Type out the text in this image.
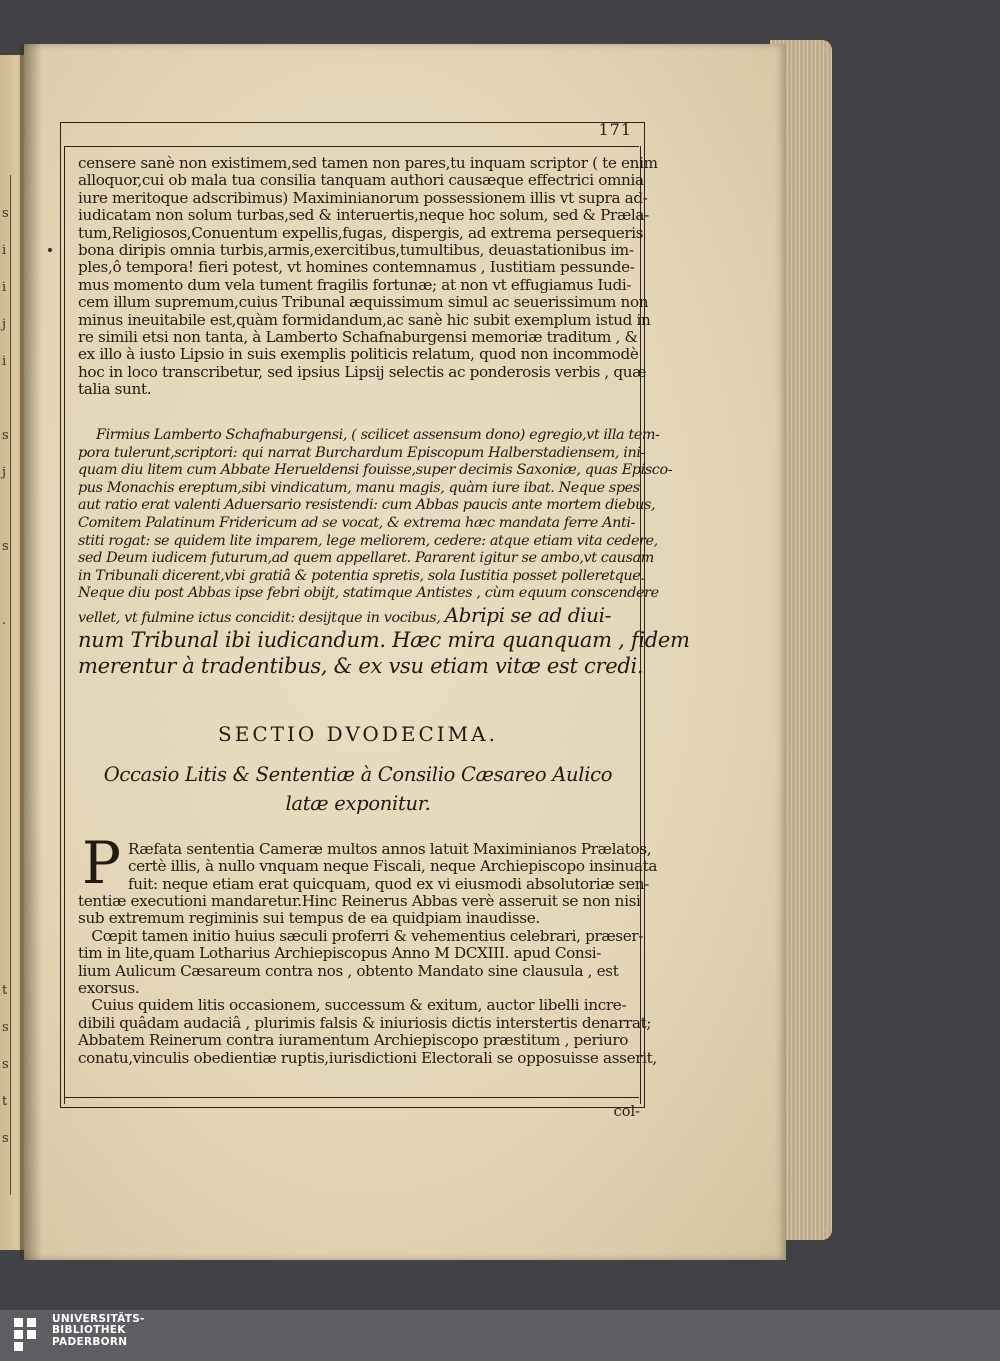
s
i
i
j
i

s
j

s

.

t
s
s
t
s
171
censere sanè non existimem,sed tamen non pares,tu inquam scriptor ( te enim
alloquor,cui ob mala tua consilia tanquam authori causæque effectrici omnia
iure meritoque adscribimus) Maximinianorum possessionem illis vt supra ad-
iudicatam non solum turbas,sed & interuertis,neque hoc solum, sed & Præla-
tum,Religiosos,Conuentum expellis,fugas, dispergis, ad extrema persequeris
bona diripis omnia turbis,armis,exercitibus,tumultibus, deuastationibus im-
ples,ô tempora! fieri potest, vt homines contemnamus , Iustitiam pessunde-
mus momento dum vela tument fragilis fortunæ; at non vt effugiamus Iudi-
cem illum supremum,cuius Tribunal æquissimum simul ac seuerissimum non
minus ineuitabile est,quàm formidandum,ac sanè hic subit exemplum istud in
re simili etsi non tanta, à Lamberto Schafnaburgensi memoriæ traditum , &
ex illo à iusto Lipsio in suis exemplis politicis relatum, quod non incommodè
hoc in loco transcribetur, sed ipsius Lipsij selectis ac ponderosis verbis , quæ
talia sunt.
Firmius Lamberto Schafnaburgensi, ( scilicet assensum dono) egregio,vt illa tem-
pora tulerunt,scriptori: qui narrat Burchardum Episcopum Halberstadiensem, ini-
quam diu litem cum Abbate Herueldensi fouisse,super decimis Saxoniæ, quas Episco-
pus Monachis ereptum,sibi vindicatum, manu magis, quàm iure ibat. Neque spes
aut ratio erat valenti Aduersario resistendi: cum Abbas paucis ante mortem diebus,
Comitem Palatinum Fridericum ad se vocat, & extrema hæc mandata ferre Anti-
stiti rogat: se quidem lite imparem, lege meliorem, cedere: atque etiam vita cedere,
sed Deum iudicem futurum,ad quem appellaret. Pararent igitur se ambo,vt causam
in Tribunali dicerent,vbi gratiâ & potentia spretis, sola Iustitia posset polleretque.
Neque diu post Abbas ipse febri obijt, statimque Antistes , cùm equum conscendere
vellet, vt fulmine ictus concidit: desijtque in vocibus, Abripi se ad diui-
num Tribunal ibi iudicandum. Hæc mira quanquam , fidem
merentur à tradentibus, & ex vsu etiam vitæ est credi.
SECTIO DVODECIMA.
Occasio Litis & Sententiæ à Consilio Cæsareo Aulico
latæ exponitur.
P Ræfata sententia Cameræ multos annos latuit Maximinianos Prælatos,
certè illis, à nullo vnquam neque Fiscali, neque Archiepiscopo insinuata
fuit: neque etiam erat quicquam, quod ex vi eiusmodi absolutoriæ sen-
tentiæ executioni mandaretur.Hinc Reinerus Abbas verè asseruit se non nisi
sub extremum regiminis sui tempus de ea quidpiam inaudisse.
Cœpit tamen initio huius sæculi proferri & vehementius celebrari, præser-
tim in lite,quam Lotharius Archiepiscopus Anno M DCXIII. apud Consi-
lium Aulicum Cæsareum contra nos , obtento Mandato sine clausula , est
exorsus.
Cuius quidem litis occasionem, successum & exitum, auctor libelli incre-
dibili quâdam audaciâ , plurimis falsis & iniuriosis dictis interstertis denarrat;
Abbatem Reinerum contra iuramentum Archiepiscopo præstitum , periuro
conatu,vinculis obedientiæ ruptis,iurisdictioni Electorali se opposuisse asserit,
col-
UNIVERSITÄTS-
BIBLIOTHEK
PADERBORN
